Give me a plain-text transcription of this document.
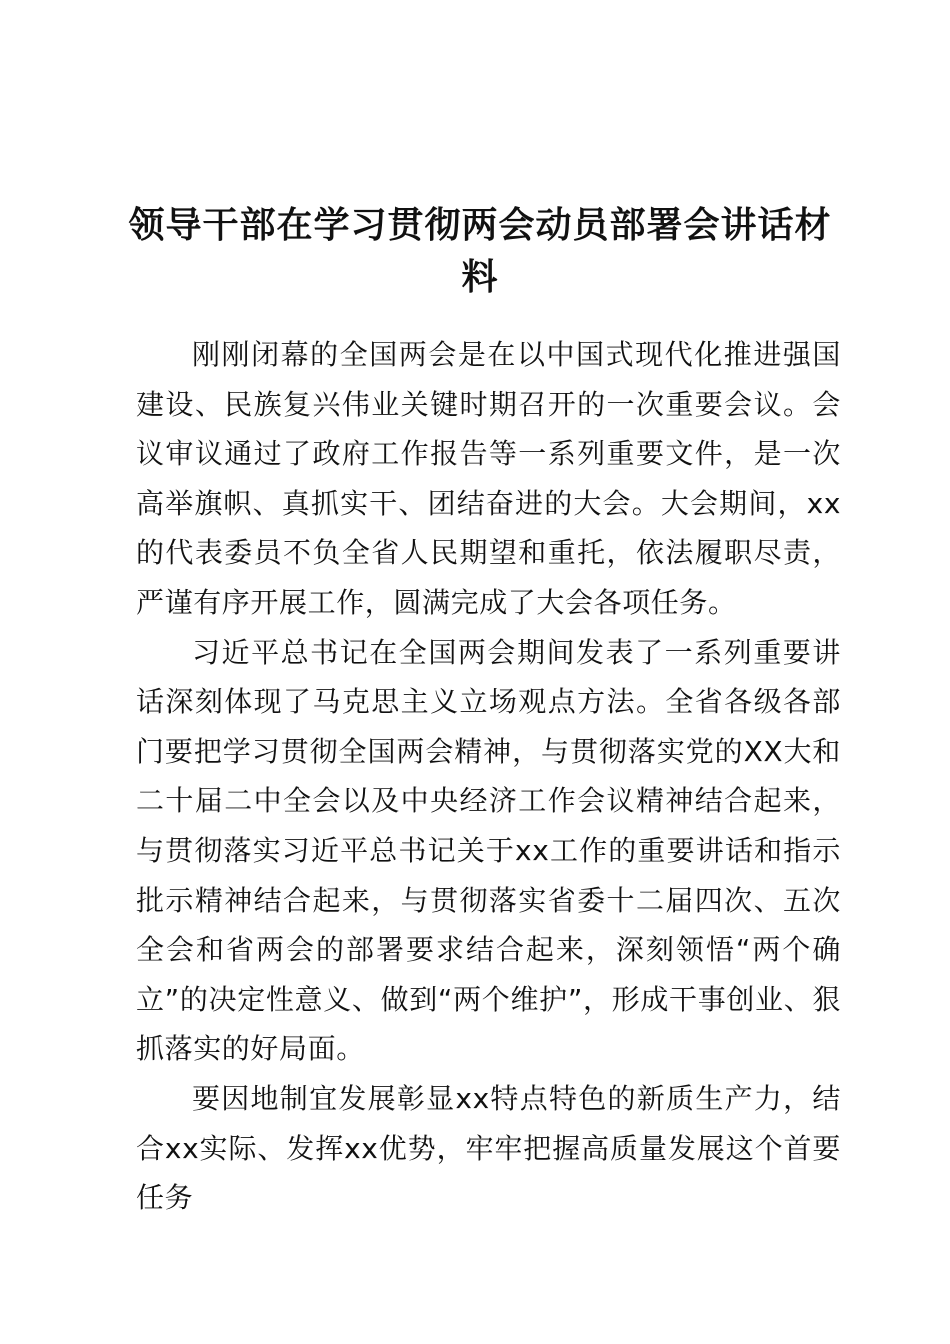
领导干部在学习贯彻两会动员部署会讲话材料

刚刚闭幕的全国两会是在以中国式现代化推进强国建设、民族复兴伟业关键时期召开的一次重要会议。会议审议通过了政府工作报告等一系列重要文件，是一次高举旗帜、真抓实干、团结奋进的大会。大会期间，xx的代表委员不负全省人民期望和重托，依法履职尽责，严谨有序开展工作，圆满完成了大会各项任务。

习近平总书记在全国两会期间发表了一系列重要讲话深刻体现了马克思主义立场观点方法。全省各级各部门要把学习贯彻全国两会精神，与贯彻落实党的XX大和二十届二中全会以及中央经济工作会议精神结合起来，与贯彻落实习近平总书记关于xx工作的重要讲话和指示批示精神结合起来，与贯彻落实省委十二届四次、五次全会和省两会的部署要求结合起来，深刻领悟“两个确立”的决定性意义、做到“两个维护”，形成干事创业、狠抓落实的好局面。

要因地制宜发展彰显xx特点特色的新质生产力，结合xx实际、发挥xx优势，牢牢把握高质量发展这个首要任务
